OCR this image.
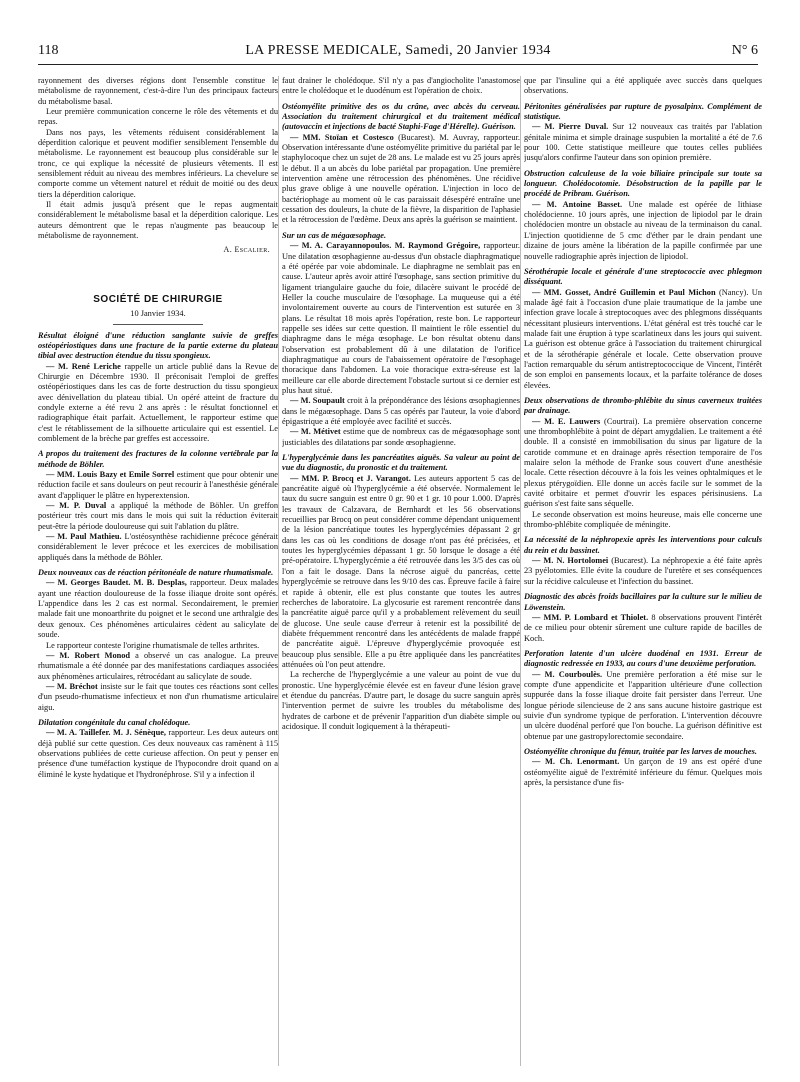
118	LA PRESSE MEDICALE, Samedi, 20 Janvier 1934	N° 6

rayonnement des diverses régions dont l'ensemble constitue le métabolisme de rayonnement, c'est-à-dire l'un des principaux facteurs du métabolisme basal.

Leur première communication concerne le rôle des vêtements et du repas.

Dans nos pays, les vêtements réduisent considérablement la déperdition calorique et peuvent modifier sensiblement l'ensemble du métabolisme. Le rayonnement est beaucoup plus considérable sur le tronc, ce qui explique la nécessité de plusieurs vêtements. Il est sensiblement réduit au niveau des membres inférieurs. La chevelure se comporte comme un vêtement naturel et réduit de moitié ou des deux tiers la déperdition calorique.

Il était admis jusqu'à présent que le repas augmentait considérablement le métabolisme basal et la déperdition calorique. Les auteurs démontrent que le repas n'augmente pas beaucoup le métabolisme de rayonnement.

A. Escalier.
SOCIÉTÉ DE CHIRURGIE
10 Janvier 1934.

Résultat éloigné d'une réduction sanglante suivie de greffes ostéopériostiques dans une fracture de la partie externe du plateau tibial avec destruction étendue du tissu spongieux.

— M. René Leriche rappelle un article publié dans la Revue de Chirurgie en Décembre 1930. Il préconisait l'emploi de greffes ostéopériostiques dans les cas de forte destruction du tissu spongieux avec dénivellation du plateau tibial. Un opéré atteint de fracture du condyle externe a été revu 2 ans après : le résultat fonctionnel et radiographique était parfait. Actuellement, le rapporteur estime que c'est le rétablissement de la silhouette articulaire qui est essentiel. Le comblement de la brèche par greffes est accessoire.

A propos du traitement des fractures de la colonne vertébrale par la méthode de Böhler.

— MM. Louis Bazy et Emile Sorrel estiment que pour obtenir une réduction facile et sans douleurs on peut recourir à l'anesthésie générale avant d'appliquer le plâtre en hyperextension.

— M. P. Duval a appliqué la méthode de Böhler. Un greffon postérieur très court mis dans le mois qui suit la réduction éviterait peut-être la période douloureuse qui suit l'ablation du plâtre.

— M. Paul Mathieu. L'ostéosynthèse rachidienne précoce générait considérablement le lever précoce et les exercices de mobilisation appliqués dans la méthode de Böhler.

Deux nouveaux cas de réaction péritonéale de nature rhumatismale.

— M. Georges Baudet. M. B. Desplas, rapporteur. Deux malades ayant une réaction douloureuse de la fosse iliaque droite sont opérés. L'appendice dans les 2 cas est normal. Secondairement, le premier malade fait une monoarthrite du poignet et le second une arthralgie des deux genoux. Ces phénomènes articulaires cèdent au salicylate de soude.

Le rapporteur conteste l'origine rhumatismale de telles arthrites.

— M. Robert Monod a observé un cas analogue. La preuve rhumatismale a été donnée par des manifestations cardiaques associées aux phénomènes articulaires, rétrocédant au salicylate de soude.

— M. Bréchot insiste sur le fait que toutes ces réactions sont celles d'un pseudo-rhumatisme infectieux et non d'un rhumatisme articulaire aigu.

Dilatation congénitale du canal cholédoque.

— M. A. Taillefer. M. J. Sénèque, rapporteur. Les deux auteurs ont déjà publié sur cette question. Ces deux nouveaux cas ramènent à 115 observations publiées de cette curieuse affection. On peut y penser en présence d'une tuméfaction kystique de l'hypocondre droit quand on a éliminé le kyste hydatique et l'hydronéphrose. S'il y a infection il

faut drainer le cholédoque. S'il n'y a pas d'angiocholite l'anastomose entre le cholédoque et le duodénum est l'opération de choix.

Ostéomyélite primitive des os du crâne, avec abcès du cerveau. Association du traitement chirurgical et du traitement médical (autovaccin et injections de bacté Staphi-Fage d'Hérelle). Guérison.

— MM. Stoïan et Costesco (Bucarest). M. Auvray, rapporteur. Observation intéressante d'une ostéomyélite primitive du pariétal par le staphylocoque chez un sujet de 28 ans. Le malade est vu 25 jours après le début. Il a un abcès du lobe pariétal par propagation. Une première intervention amène une rétrocession des phénomènes. Une récidive plus grave oblige à une nouvelle opération. L'injection in loco de bactériophage au moment où le cas paraissait désespéré entraîne une cessation des douleurs, la chute de la fièvre, la disparition de l'aphasie et la rétrocession de l'œdème. Deux ans après la guérison se maintient.

Sur un cas de mégaœsophage.

— M. A. Carayannopoulos. M. Raymond Grégoire, rapporteur. Une dilatation œsophagienne au-dessus d'un obstacle diaphragmatique a été opérée par voie abdominale. Le diaphragme ne semblait pas en cause. L'auteur après avoir attiré l'œsophage, sans section primitive du ligament triangulaire gauche du foie, dilacère suivant le procédé de Heller la couche musculaire de l'œsophage. La muqueuse qui a été involontairement ouverte au cours de l'intervention est suturée en 3 plans. Le résultat 18 mois après l'opération, reste bon. Le rapporteur rappelle ses idées sur cette question. Il maintient le rôle essentiel du diaphragme dans le méga œsophage. Le bon résultat obtenu dans l'observation est probablement dû à une dilatation de l'orifice diaphragmatique au cours de l'abaissement opératoire de l'œsophage thoracique dans l'abdomen. La voie thoracique extra-séreuse est la meilleure car elle aborde directement l'obstacle surtout si ce dernier est plus haut situé.

— M. Soupault croit à la prépondérance des lésions œsophagiennes dans le mégaœsophage. Dans 5 cas opérés par l'auteur, la voie d'abord épigastrique a été employée avec facilité et succès.

— M. Métivet estime que de nombreux cas de mégaœsophage sont justiciables des dilatations par sonde œsophagienne.

L'hyperglycémie dans les pancréatites aiguës. Sa valeur au point de vue du diagnostic, du pronostic et du traitement.

— MM. P. Brocq et J. Varangot. Les auteurs apportent 5 cas de pancréatite aiguë où l'hyperglycémie a été observée. Normalement le taux du sucre sanguin est entre 0 gr. 90 et 1 gr. 10 pour 1.000. D'après les travaux de Calzavara, de Bernhardt et les 56 observations recueillies par Brocq on peut considérer comme dépendant uniquement de la lésion pancréatique toutes les hyperglycémies dépassant 2 gr dans les cas où les conditions de dosage n'ont pas été précisées, et toutes les hyperglycémies dépassant 1 gr. 50 lorsque le dosage a été pré-opératoire. L'hyperglycémie a été retrouvée dans les 3/5 des cas où l'on a fait le dosage. Dans la nécrose aiguë du pancréas, cette hyperglycémie se retrouve dans les 9/10 des cas. Épreuve facile à faire et rapide à obtenir, elle est plus constante que toutes les autres recherches de laboratoire. La glycosurie est rarement rencontrée dans la pancréatite aiguë parce qu'il y a probablement relèvement du seuil de glucose. Une seule cause d'erreur à retenir est la possibilité de diabète fréquemment rencontré dans les antécédents de malade frappé de pancréatite aiguë. L'épreuve d'hyperglycémie provoquée est beaucoup plus sensible. Elle a pu être appliquée dans les pancréatites atténuées où l'on peut attendre.

La recherche de l'hyperglycémie a une valeur au point de vue du pronostic. Une hyperglycémie élevée est en faveur d'une lésion grave et étendue du pancréas. D'autre part, le dosage du sucre sanguin après l'intervention permet de suivre les troubles du métabolisme des hydrates de carbone et de prévenir l'apparition d'un diabète simple ou acidosique. Il conduit logiquement à la thérapeuti-

que par l'insuline qui a été appliquée avec succès dans quelques observations.

Péritonites généralisées par rupture de pyosalpinx. Complément de statistique.

— M. Pierre Duval. Sur 12 nouveaux cas traités par l'ablation génitale minima et simple drainage suspubien la mortalité a été de 7.6 pour 100. Cette statistique meilleure que toutes celles publiées jusqu'alors confirme l'auteur dans son opinion première.

Obstruction calculeuse de la voie biliaire principale sur toute sa longueur. Cholédocotomie. Désobstruction de la papille par le procédé de Pribram. Guérison.

— M. Antoine Basset. Une malade est opérée de lithiase cholédocienne. 10 jours après, une injection de lipiodol par le drain cholédocien montre un obstacle au niveau de la terminaison du canal. L'injection quotidienne de 5 cmc d'éther par le drain pendant une dizaine de jours amène la libération de la papille confirmée par une nouvelle radiographie après injection de lipiodol.

Sérothérapie locale et générale d'une streptococcie avec phlegmon disséquant.

— MM. Gosset, André Guillemin et Paul Michon (Nancy). Un malade âgé fait à l'occasion d'une plaie traumatique de la jambe une infection grave locale à streptocoques avec des phlegmons disséquants nécessitant plusieurs interventions. L'état général est très touché car le malade fait une éruption à type scarlatineux dans les jours qui suivent. La guérison est obtenue grâce à l'association du traitement chirurgical et de la sérothérapie générale et locale. Cette observation prouve l'action remarquable du sérum antistreptococcique de Vincent, l'intérêt de son emploi en pansements locaux, et la parfaite tolérance de doses élevées.

Deux observations de thrombo-phlébite du sinus caverneux traitées par drainage.

— M. E. Lauwers (Courtrai). La première observation concerne une thrombophlébite à point de départ amygdalien. Le traitement a été double. Il a consisté en immobilisation du sinus par ligature de la carotide commune et en drainage après résection temporaire de l'os malaire selon la méthode de Franke sous couvert d'une anesthésie locale. Cette résection découvre à la fois les veines ophtalmiques et le plexus ptérygoïdien. Elle donne un accès facile sur le sommet de la cavité orbitaire et permet d'ouvrir les espaces périsinusiens. La guérison s'est faite sans séquelle.

Le seconde observation est moins heureuse, mais elle concerne une thrombo-phlébite compliquée de méningite.

La nécessité de la néphropexie après les interventions pour calculs du rein et du bassinet.

— M. N. Hortolomei (Bucarest). La néphropexie a été faite après 23 pyélotomies. Elle évite la coudure de l'uretère et ses conséquences sur la récidive calculeuse et l'infection du bassinet.

Diagnostic des abcès froids bacillaires par la culture sur le milieu de Löwenstein.

— MM. P. Lombard et Thiolet. 8 observations prouvent l'intérêt de ce milieu pour obtenir sûrement une culture rapide de bacilles de Koch.

Perforation latente d'un ulcère duodénal en 1931. Erreur de diagnostic redressée en 1933, au cours d'une deuxième perforation.

— M. Courboulès. Une première perforation a été mise sur le compte d'une appendicite et l'apparition ultérieure d'une collection suppurée dans la fosse iliaque droite fait persister dans l'erreur. Une longue période silencieuse de 2 ans sans aucune histoire gastrique est suivie d'un syndrome typique de perforation. L'intervention découvre un ulcère duodénal perforé que l'on bouche. La guérison définitive est obtenue par une gastropylorectomie secondaire.

Ostéomyélite chronique du fémur, traitée par les larves de mouches.

— M. Ch. Lenormant. Un garçon de 19 ans est opéré d'une ostéomyélite aiguë de l'extrémité inférieure du fémur. Quelques mois après, la persistance d'une fis-
